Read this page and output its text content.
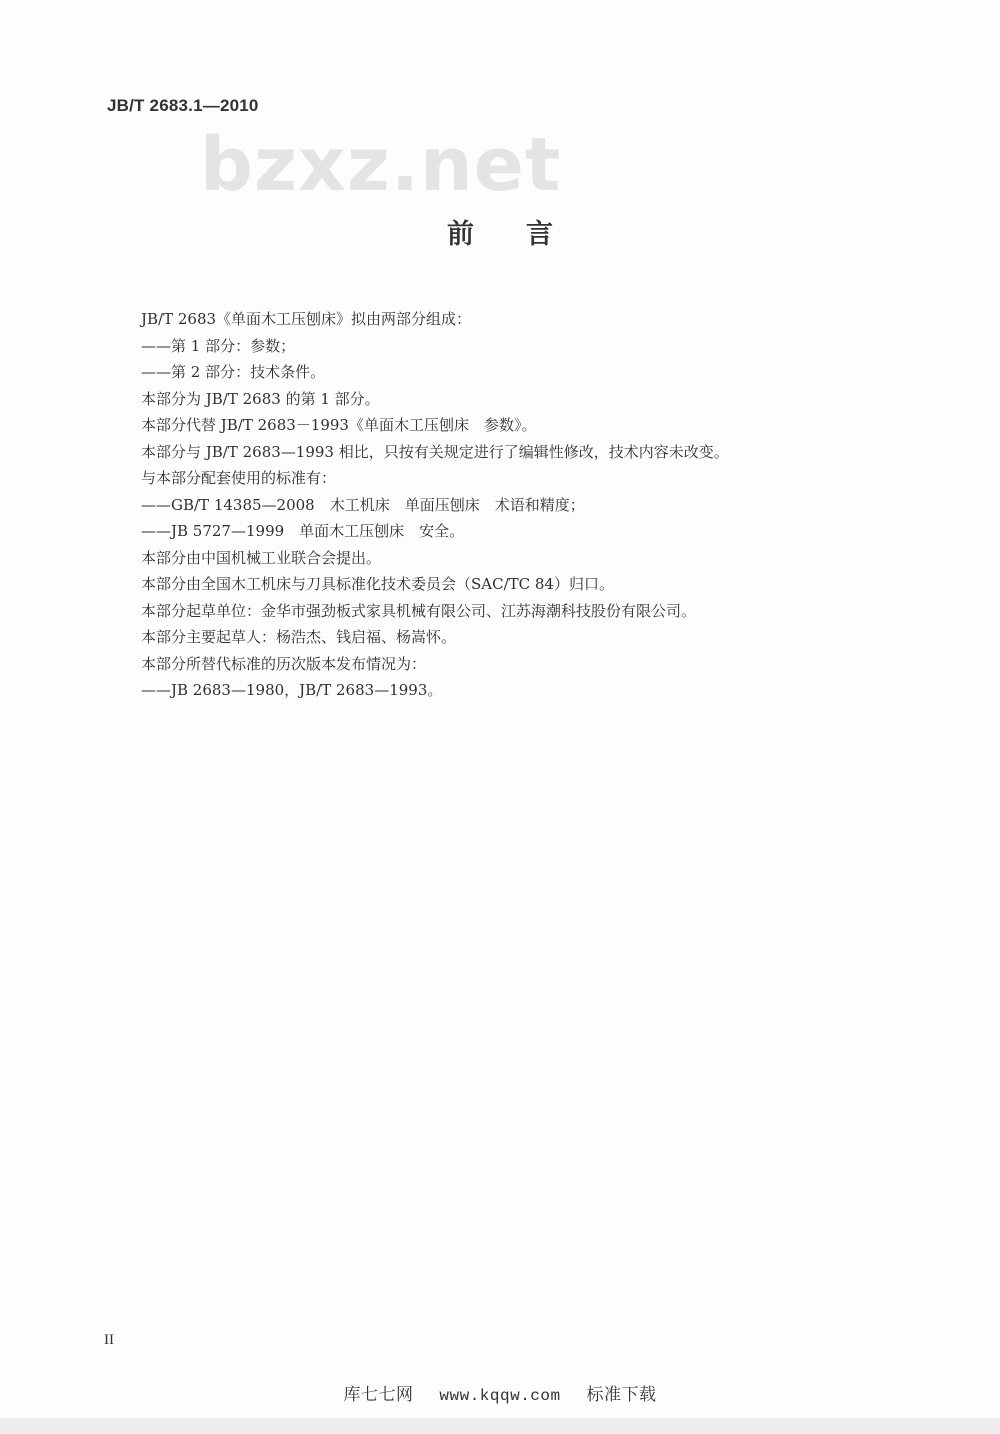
JB/T 2683.1—2010
bzxz.net
前言
JB/T 2683《单面木工压刨床》拟由两部分组成：
——第 1 部分：参数；
——第 2 部分：技术条件。
本部分为 JB/T 2683 的第 1 部分。
本部分代替 JB/T 2683－1993《单面木工压刨床　参数》。
本部分与 JB/T 2683—1993 相比，只按有关规定进行了编辑性修改，技术内容未改变。
与本部分配套使用的标准有：
——GB/T 14385—2008　木工机床　单面压刨床　术语和精度；
——JB 5727—1999　单面木工压刨床　安全。
本部分由中国机械工业联合会提出。
本部分由全国木工机床与刀具标准化技术委员会（SAC/TC 84）归口。
本部分起草单位：金华市强劲板式家具机械有限公司、江苏海潮科技股份有限公司。
本部分主要起草人：杨浩杰、钱启福、杨嵩怀。
本部分所替代标准的历次版本发布情况为：
——JB 2683—1980，JB/T 2683—1993。
II
库七七网 www.kqqw.com 标准下载
